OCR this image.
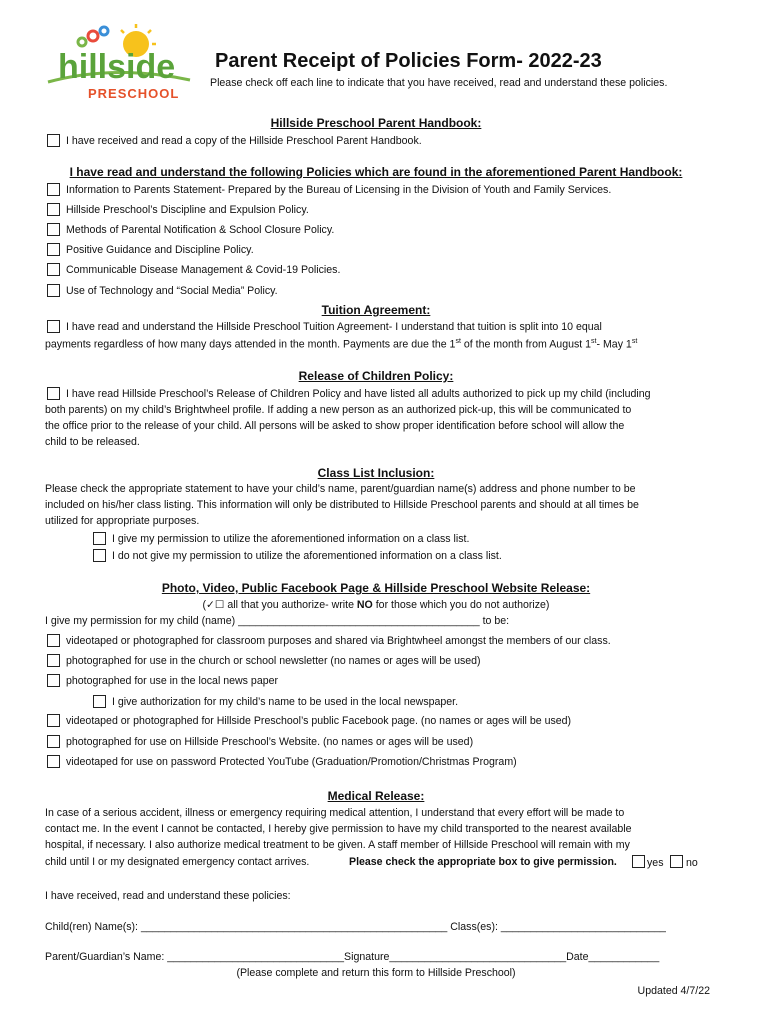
hillside
PRESCHOOL
Parent Receipt of Policies Form- 2022-23
Please check off each line to indicate that you have received, read and understand these policies.
Hillside Preschool Parent Handbook:
I have received and read a copy of the Hillside Preschool Parent Handbook.
I have read and understand the following Policies which are found in the aforementioned Parent Handbook:
Information to Parents Statement- Prepared by the Bureau of Licensing in the Division of Youth and Family Services.
Hillside Preschool’s Discipline and Expulsion Policy.
Methods of Parental Notification & School Closure Policy.
Positive Guidance and Discipline Policy.
Communicable Disease Management & Covid-19 Policies.
Use of Technology and “Social Media” Policy.
Tuition Agreement:
I have read and understand the Hillside Preschool Tuition Agreement- I understand that tuition is split into 10 equal
payments regardless of how many days attended in the month. Payments are due the 1st of the month from August 1st- May 1st
Release of Children Policy:
I have read Hillside Preschool’s Release of Children Policy and have listed all adults authorized to pick up my child (including
both parents) on my child’s Brightwheel profile. If adding a new person as an authorized pick-up, this will be communicated to
the office prior to the release of your child. All persons will be asked to show proper identification before school will allow the
child to be released.
Class List Inclusion:
Please check the appropriate statement to have your child’s name, parent/guardian name(s) address and phone number to be
included on his/her class listing. This information will only be distributed to Hillside Preschool parents and should at all times be
utilized for appropriate purposes.
I give my permission to utilize the aforementioned information on a class list.
I do not give my permission to utilize the aforementioned information on a class list.
Photo, Video, Public Facebook Page & Hillside Preschool Website Release:
(✓☐ all that you authorize- write NO for those which you do not authorize)
I give my permission for my child (name) _________________________________________ to be:
videotaped or photographed for classroom purposes and shared via Brightwheel amongst the members of our class.
photographed for use in the church or school newsletter (no names or ages will be used)
photographed for use in the local news paper
I give authorization for my child’s name to be used in the local newspaper.
videotaped or photographed for Hillside Preschool’s public Facebook page. (no names or ages will be used)
photographed for use on Hillside Preschool’s Website. (no names or ages will be used)
videotaped for use on password Protected YouTube (Graduation/Promotion/Christmas Program)
Medical Release:
In case of a serious accident, illness or emergency requiring medical attention, I understand that every effort will be made to
contact me. In the event I cannot be contacted, I hereby give permission to have my child transported to the nearest available
hospital, if necessary. I also authorize medical treatment to be given. A staff member of Hillside Preschool will remain with my
child until I or my designated emergency contact arrives.	Please check the appropriate box to give permission.	yes no
I have received, read and understand these policies:
Child(ren) Name(s): ____________________________________________________ Class(es): ____________________________
Parent/Guardian’s Name: ______________________________Signature______________________________Date____________
(Please complete and return this form to Hillside Preschool)
Updated 4/7/22
